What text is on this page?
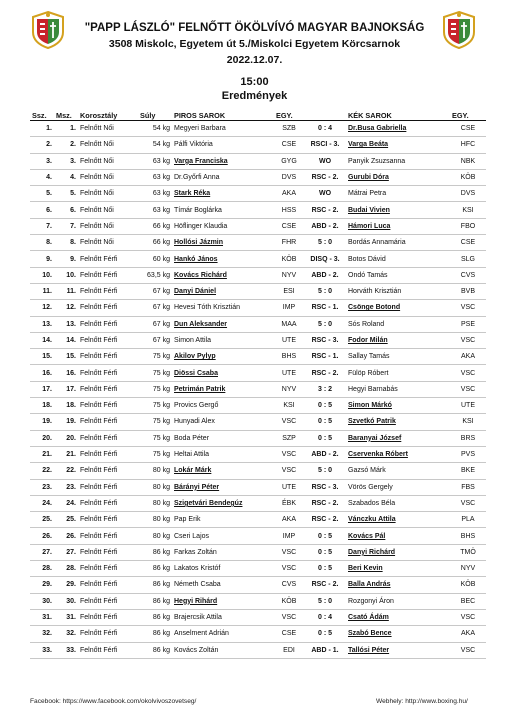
"PAPP LÁSZLÓ" FELNŐTT ÖKÖLVÍVÓ MAGYAR BAJNOKSÁG
3508 Miskolc, Egyetem út 5./Miskolci Egyetem Körcsarnok
2022.12.07.
15:00
Eredmények
Ssz.	Msz.	Korosztály	Súly	PIROS SAROK	EGY.		KÉK SAROK	EGY.
1.	1.	Felnőtt Női	54 kg	Megyeri Barbara	SZB	0 : 4	Dr.Busa Gabriella	CSE
2.	2.	Felnőtt Női	54 kg	Pálfi Viktória	CSE	RSCI - 3.	Varga Beáta	HFC
3.	3.	Felnőtt Női	63 kg	Varga Franciska	GYG	WO	Panyik Zsuzsanna	NBK
4.	4.	Felnőtt Női	63 kg	Dr.Győrfi Anna	DVS	RSC - 2.	Gurubi Dóra	KÖB
5.	5.	Felnőtt Női	63 kg	Stark Réka	AKA	WO	Mátrai Petra	DVS
6.	6.	Felnőtt Női	63 kg	Tímár Boglárka	HSS	RSC - 2.	Budai Vivien	KSI
7.	7.	Felnőtt Női	66 kg	Höflinger Klaudia	CSE	ABD - 2.	Hámori Luca	FBO
8.	8.	Felnőtt Női	66 kg	Hollósi Jázmin	FHR	5 : 0	Bordás Annamária	CSE
9.	9.	Felnőtt Férfi	60 kg	Hankó János	KÖB	DISQ - 3.	Botos Dávid	SLG
10.	10.	Felnőtt Férfi	63,5 kg	Kovács Richárd	NYV	ABD - 2.	Ondó Tamás	CVS
11.	11.	Felnőtt Férfi	67 kg	Danyi Dániel	ESI	5 : 0	Horváth Krisztián	BVB
12.	12.	Felnőtt Férfi	67 kg	Hevesi Tóth Krisztián	IMP	RSC - 1.	Csönge Botond	VSC
13.	13.	Felnőtt Férfi	67 kg	Dun Aleksander	MAA	5 : 0	Sós Roland	PSE
14.	14.	Felnőtt Férfi	67 kg	Simon Attila	UTE	RSC - 3.	Fodor Milán	VSC
15.	15.	Felnőtt Férfi	75 kg	Akilov Pylyp	BHS	RSC - 1.	Sallay Tamás	AKA
16.	16.	Felnőtt Férfi	75 kg	Diössi Csaba	UTE	RSC - 2.	Fülöp Róbert	VSC
17.	17.	Felnőtt Férfi	75 kg	Petrimán Patrik	NYV	3 : 2	Hegyi Barnabás	VSC
18.	18.	Felnőtt Férfi	75 kg	Provics Gergő	KSI	0 : 5	Simon Márkó	UTE
19.	19.	Felnőtt Férfi	75 kg	Hunyadi Alex	VSC	0 : 5	Szvetkó Patrik	KSI
20.	20.	Felnőtt Férfi	75 kg	Boda Péter	SZP	0 : 5	Baranyai József	BRS
21.	21.	Felnőtt Férfi	75 kg	Heltai Attila	VSC	ABD - 2.	Cservenka Róbert	PVS
22.	22.	Felnőtt Férfi	80 kg	Lokár Márk	VSC	5 : 0	Gazsó Márk	BKE
23.	23.	Felnőtt Férfi	80 kg	Bárányi Péter	UTE	RSC - 3.	Vörös Gergely	FBS
24.	24.	Felnőtt Férfi	80 kg	Szigetvári Bendegúz	ÉBK	RSC - 2.	Szabados Béla	VSC
25.	25.	Felnőtt Férfi	80 kg	Pap Erik	AKA	RSC - 2.	Vánczku Attila	PLA
26.	26.	Felnőtt Férfi	80 kg	Cseri Lajos	IMP	0 : 5	Kovács Pál	BHS
27.	27.	Felnőtt Férfi	86 kg	Farkas Zoltán	VSC	0 : 5	Danyi Richárd	TMÖ
28.	28.	Felnőtt Férfi	86 kg	Lakatos Kristóf	VSC	0 : 5	Beri Kevin	NYV
29.	29.	Felnőtt Férfi	86 kg	Németh Csaba	CVS	RSC - 2.	Balla András	KÖB
30.	30.	Felnőtt Férfi	86 kg	Hegyi Rihárd	KÖB	5 : 0	Rozgonyi Áron	BEC
31.	31.	Felnőtt Férfi	86 kg	Brajercsik Attila	VSC	0 : 4	Csató Ádám	VSC
32.	32.	Felnőtt Férfi	86 kg	Anselment Adrián	CSE	0 : 5	Szabó Bence	AKA
33.	33.	Felnőtt Férfi	86 kg	Kovács Zoltán	EDI	ABD - 1.	Tallósi Péter	VSC
Facebook: https://www.facebook.com/okolvivoszovetseg/	Webhely: http://www.boxing.hu/
